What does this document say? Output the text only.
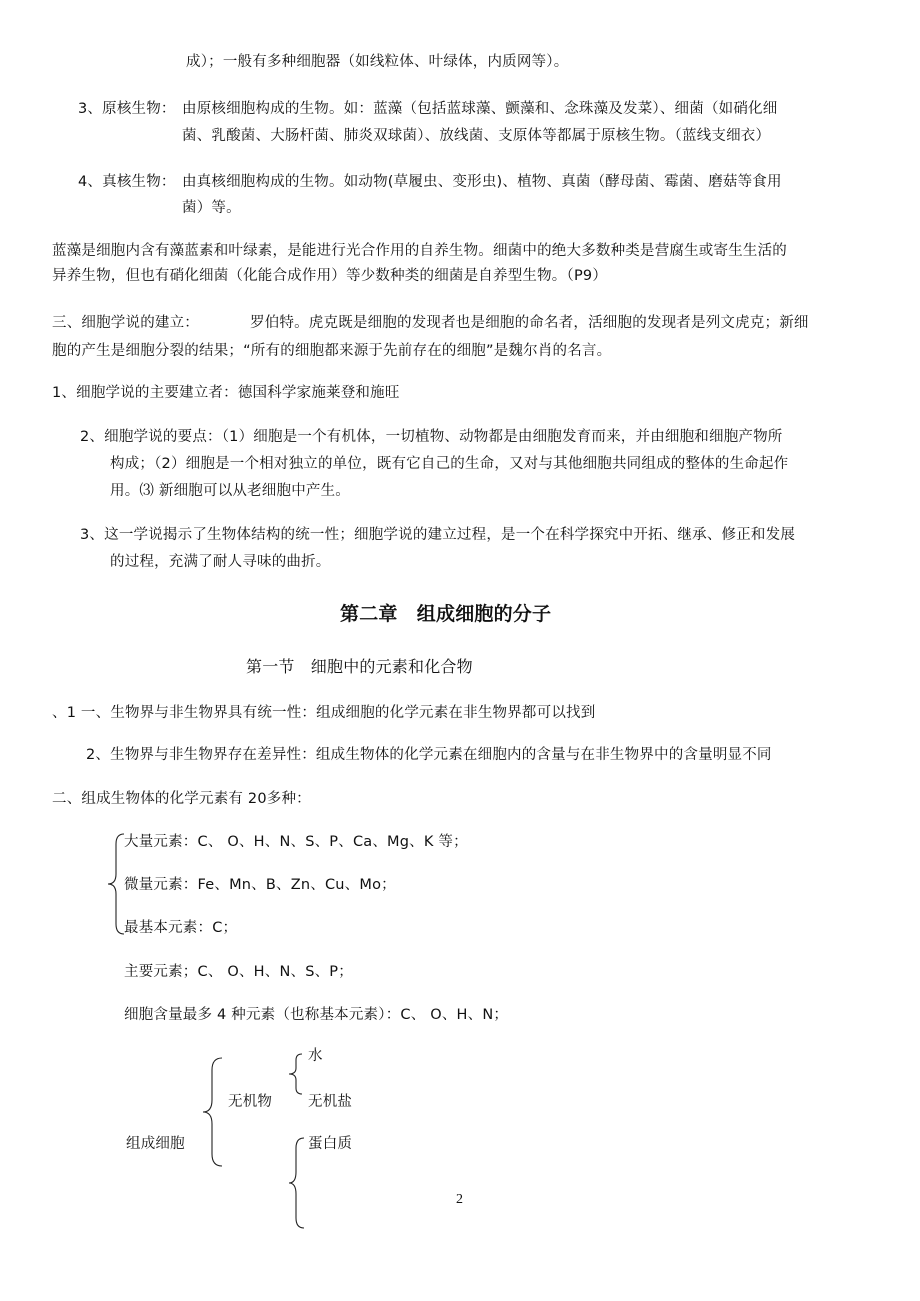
成）；一般有多种细胞器（如线粒体、叶绿体，内质网等）。
3、原核生物： 由原核细胞构成的生物。如：蓝藻（包括蓝球藻、颤藻和、念珠藻及发菜）、细菌（如硝化细
菌、乳酸菌、大肠杆菌、肺炎双球菌）、放线菌、支原体等都属于原核生物。（蓝线支细衣）
4、真核生物： 由真核细胞构成的生物。如动物(草履虫、变形虫)、植物、真菌（酵母菌、霉菌、磨菇等食用
菌）等。
蓝藻是细胞内含有藻蓝素和叶绿素，是能进行光合作用的自养生物。细菌中的绝大多数种类是营腐生或寄生生活的
异养生物，但也有硝化细菌（化能合成作用）等少数种类的细菌是自养型生物。（P9）
三、细胞学说的建立：	罗伯特。虎克既是细胞的发现者也是细胞的命名者，活细胞的发现者是列文虎克；新细
胞的产生是细胞分裂的结果；“所有的细胞都来源于先前存在的细胞”是魏尔肖的名言。
1、细胞学说的主要建立者：德国科学家施莱登和施旺
2、细胞学说的要点：（1）细胞是一个有机体，一切植物、动物都是由细胞发育而来，并由细胞和细胞产物所
构成；（2）细胞是一个相对独立的单位，既有它自己的生命，又对与其他细胞共同组成的整体的生命起作
用。⑶ 新细胞可以从老细胞中产生。
3、这一学说揭示了生物体结构的统一性；细胞学说的建立过程，是一个在科学探究中开拓、继承、修正和发展
的过程，充满了耐人寻味的曲折。
第二章　组成细胞的分子
第一节　细胞中的元素和化合物
、1 一、生物界与非生物界具有统一性：组成细胞的化学元素在非生物界都可以找到
2、生物界与非生物界存在差异性：组成生物体的化学元素在细胞内的含量与在非生物界中的含量明显不同
二、组成生物体的化学元素有 20多种：
大量元素：C、 O、H、N、S、P、Ca、Mg、K 等；
微量元素：Fe、Mn、B、Zn、Cu、Mo；
最基本元素：C；
主要元素；C、 O、H、N、S、P；
细胞含量最多 4 种元素（也称基本元素）：C、 O、H、N；
组成细胞
无机物
水
无机盐
蛋白质
2
